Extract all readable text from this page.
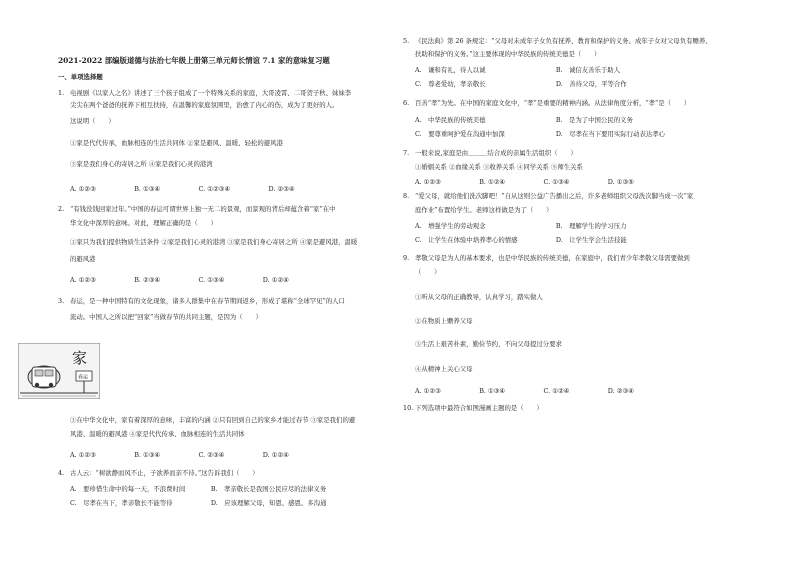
2021-2022 部编版道德与法治七年级上册第三单元师长情谊 7.1 家的意味复习题
一、单项选择题
1. 电视剧《以家人之名》讲述了三个孩子组成了一个特殊关系的家庭，大哥凌霄、二哥贺子秋、妹妹李
尖尖在两个爸爸的抚养下相互扶持，在温馨的家庭氛围里，治愈了内心的伤，成为了更好的人。
这说明（　　）
①家是代代传承，血脉相连的生活共同体 ②家是避风、温暖、轻松的避风港
③家是我们身心的寄居之所 ④家是我们心灵的港湾
A. ①②③　　　　　　B. ①③④　　　　　　C. ①②③④　　　　　　D. ②③④
2. “有钱没钱回家过年。”中国的春运可谓世界上独一无二的景观，而景观的背后却蕴含着“家”在中
华文化中深厚的意味。对此，理解正确的是（　　）
①家只为我们提供物质生活条件 ②家是我们心灵的港湾 ③家是我们身心寄居之所 ④家是避风港，温暖
的避风港
A. ①②③　　　　　　B. ②③④　　　　　　C. ①③④　　　　　　D. ①②④
3. 春运，是一种中国特有的文化现象，诸多人群集中在春节期间返乡，形成了堪称“全球罕见”的人口
流动。中国人之所以把“回家”当做春节的共同主题，是因为（　　）
①在中华文化中，家有着深厚的意味，丰富的内涵 ②只有回到自己的家乡才能过春节 ③家是我们的避
风港、温暖的避风港 ④家是代代传承、血脉相连的生活共同体
A. ①②③　　　　　　B. ①③④　　　　　　C. ②③④　　　　　　D. ①②④
4. 古人云：“树欲静而风不止，子欲养而亲不待。”这告诉我们（　　）
A.　要珍惜生命中的每一天，不浪费时间　　　　B.　孝亲敬长是我国公民应尽的法律义务
C.　尽孝在当下，孝亲敬长不能等待　　　　　　D.　应该理解父母，知恩、感恩、多沟通
5. 《民法典》第 26 条规定：“父母对未成年子女负有抚养、教育和保护的义务。成年子女对父母负有赡养、
扶助和保护的义务。”这主要体现的中华民族的传统美德是（　　）
A.　谦和有礼，待人以诚　　　　　　　　　　　B.　诚信友善乐于助人
C.　尊老爱幼，孝亲敬长　　　　　　　　　　　D.　善待父母，平等合作
6. 百善“孝”为先。在中国的家庭文化中，“孝”是重要的精神内涵。从法律角度分析，“孝”是（　　）
A.　中华民族的传统美德　　　　　　　　　　　B.　是为了中国公民的义务
C.　要尊重呵护爱在沟通中加深　　　　　　　　D.　尽孝在当下要用实际行动表达孝心
7. 一般来说,家庭是由＿＿＿结合成的亲属生活组织（　　）
①婚姻关系 ②血缘关系 ③收养关系 ④同学关系 ⑤师生关系
A. ①②③　　　　　　B. ①②④　　　　　　C. ①③④　　　　　　D. ①③⑤
8. “爱父母，就给他们洗次脚吧！”自从这则公益广告播出之后，许多老师组织父母洗次脚当成一次“家
庭作业”布置给学生。老师这样做是为了（　　）
A.　增强学生的劳动观念　　　　　　　　　　　B.　理解学生的学习压力
C.　让学生在体验中培养孝心的情感　　　　　　D.　让学生学会生活技能
9. 孝敬父母是为人的基本要求，也是中华民族的传统美德，在家庭中，我们青少年孝敬父母需要做到
（　　）
①听从父母的正确教导，认真学习，踏实做人
②在物质上赡养父母
③生活上艰苦朴素，勤俭节约，不向父母提过分要求
④从精神上关心父母
A. ①②③　　　　　　B. ①③④　　　　　　C. ①②④　　　　　　D. ②③④
10. 下列选项中最符合如图漫画主题的是（　　）
家
春运
